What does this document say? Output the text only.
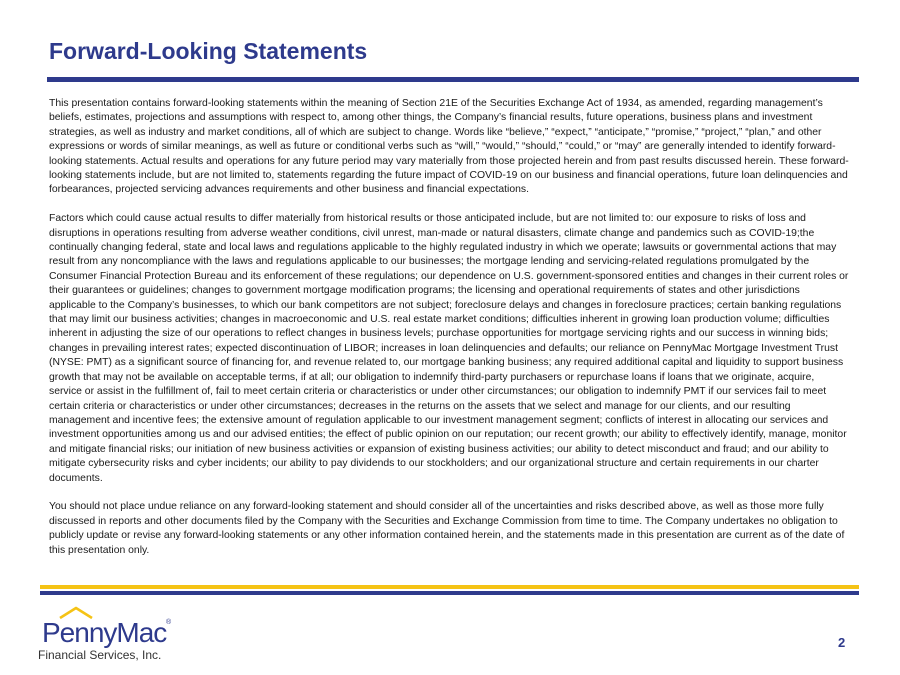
Forward-Looking Statements

This presentation contains forward-looking statements within the meaning of Section 21E of the Securities Exchange Act of 1934, as amended, regarding management’s beliefs, estimates, projections and assumptions with respect to, among other things, the Company’s financial results, future operations, business plans and investment strategies, as well as industry and market conditions, all of which are subject to change. Words like “believe,” “expect,” “anticipate,” “promise,” “project,” “plan,” and other expressions or words of similar meanings, as well as future or conditional verbs such as “will,” “would,” “should,” “could,” or “may” are generally intended to identify forward-looking statements. Actual results and operations for any future period may vary materially from those projected herein and from past results discussed herein. These forward-looking statements include, but are not limited to, statements regarding the future impact of COVID-19 on our business and financial operations, future loan delinquencies and forbearances, projected servicing advances requirements and other business and financial expectations.

Factors which could cause actual results to differ materially from historical results or those anticipated include, but are not limited to: our exposure to risks of loss and disruptions in operations resulting from adverse weather conditions, civil unrest, man-made or natural disasters, climate change and pandemics such as COVID-19;the continually changing federal, state and local laws and regulations applicable to the highly regulated industry in which we operate; lawsuits or governmental actions that may result from any noncompliance with the laws and regulations applicable to our businesses; the mortgage lending and servicing-related regulations promulgated by the Consumer Financial Protection Bureau and its enforcement of these regulations; our dependence on U.S. government-sponsored entities and changes in their current roles or their guarantees or guidelines; changes to government mortgage modification programs; the licensing and operational requirements of states and other jurisdictions applicable to the Company’s businesses, to which our bank competitors are not subject; foreclosure delays and changes in foreclosure practices; certain banking regulations that may limit our business activities; changes in macroeconomic and U.S. real estate market conditions; difficulties inherent in growing loan production volume; difficulties inherent in adjusting the size of our operations to reflect changes in business levels; purchase opportunities for mortgage servicing rights and our success in winning bids; changes in prevailing interest rates; expected discontinuation of LIBOR; increases in loan delinquencies and defaults; our reliance on PennyMac Mortgage Investment Trust (NYSE: PMT) as a significant source of financing for, and revenue related to, our mortgage banking business; any required additional capital and liquidity to support business growth that may not be available on acceptable terms, if at all; our obligation to indemnify third-party purchasers or repurchase loans if loans that we originate, acquire, service or assist in the fulfillment of, fail to meet certain criteria or characteristics or under other circumstances; our obligation to indemnify PMT if our services fail to meet certain criteria or characteristics or under other circumstances; decreases in the returns on the assets that we select and manage for our clients, and our resulting management and incentive fees; the extensive amount of regulation applicable to our investment management segment; conflicts of interest in allocating our services and investment opportunities among us and our advised entities; the effect of public opinion on our reputation; our recent growth; our ability to effectively identify, manage, monitor and mitigate financial risks; our initiation of new business activities or expansion of existing business activities; our ability to detect misconduct and fraud; and our ability to mitigate cybersecurity risks and cyber incidents; our ability to pay dividends to our stockholders; and our organizational structure and certain requirements in our charter documents.

You should not place undue reliance on any forward-looking statement and should consider all of the uncertainties and risks described above, as well as those more fully discussed in reports and other documents filed by the Company with the Securities and Exchange Commission from time to time. The Company undertakes no obligation to publicly update or revise any forward-looking statements or any other information contained herein, and the statements made in this presentation are current as of the date of this presentation only.

PennyMac ®
Financial Services, Inc.
2
